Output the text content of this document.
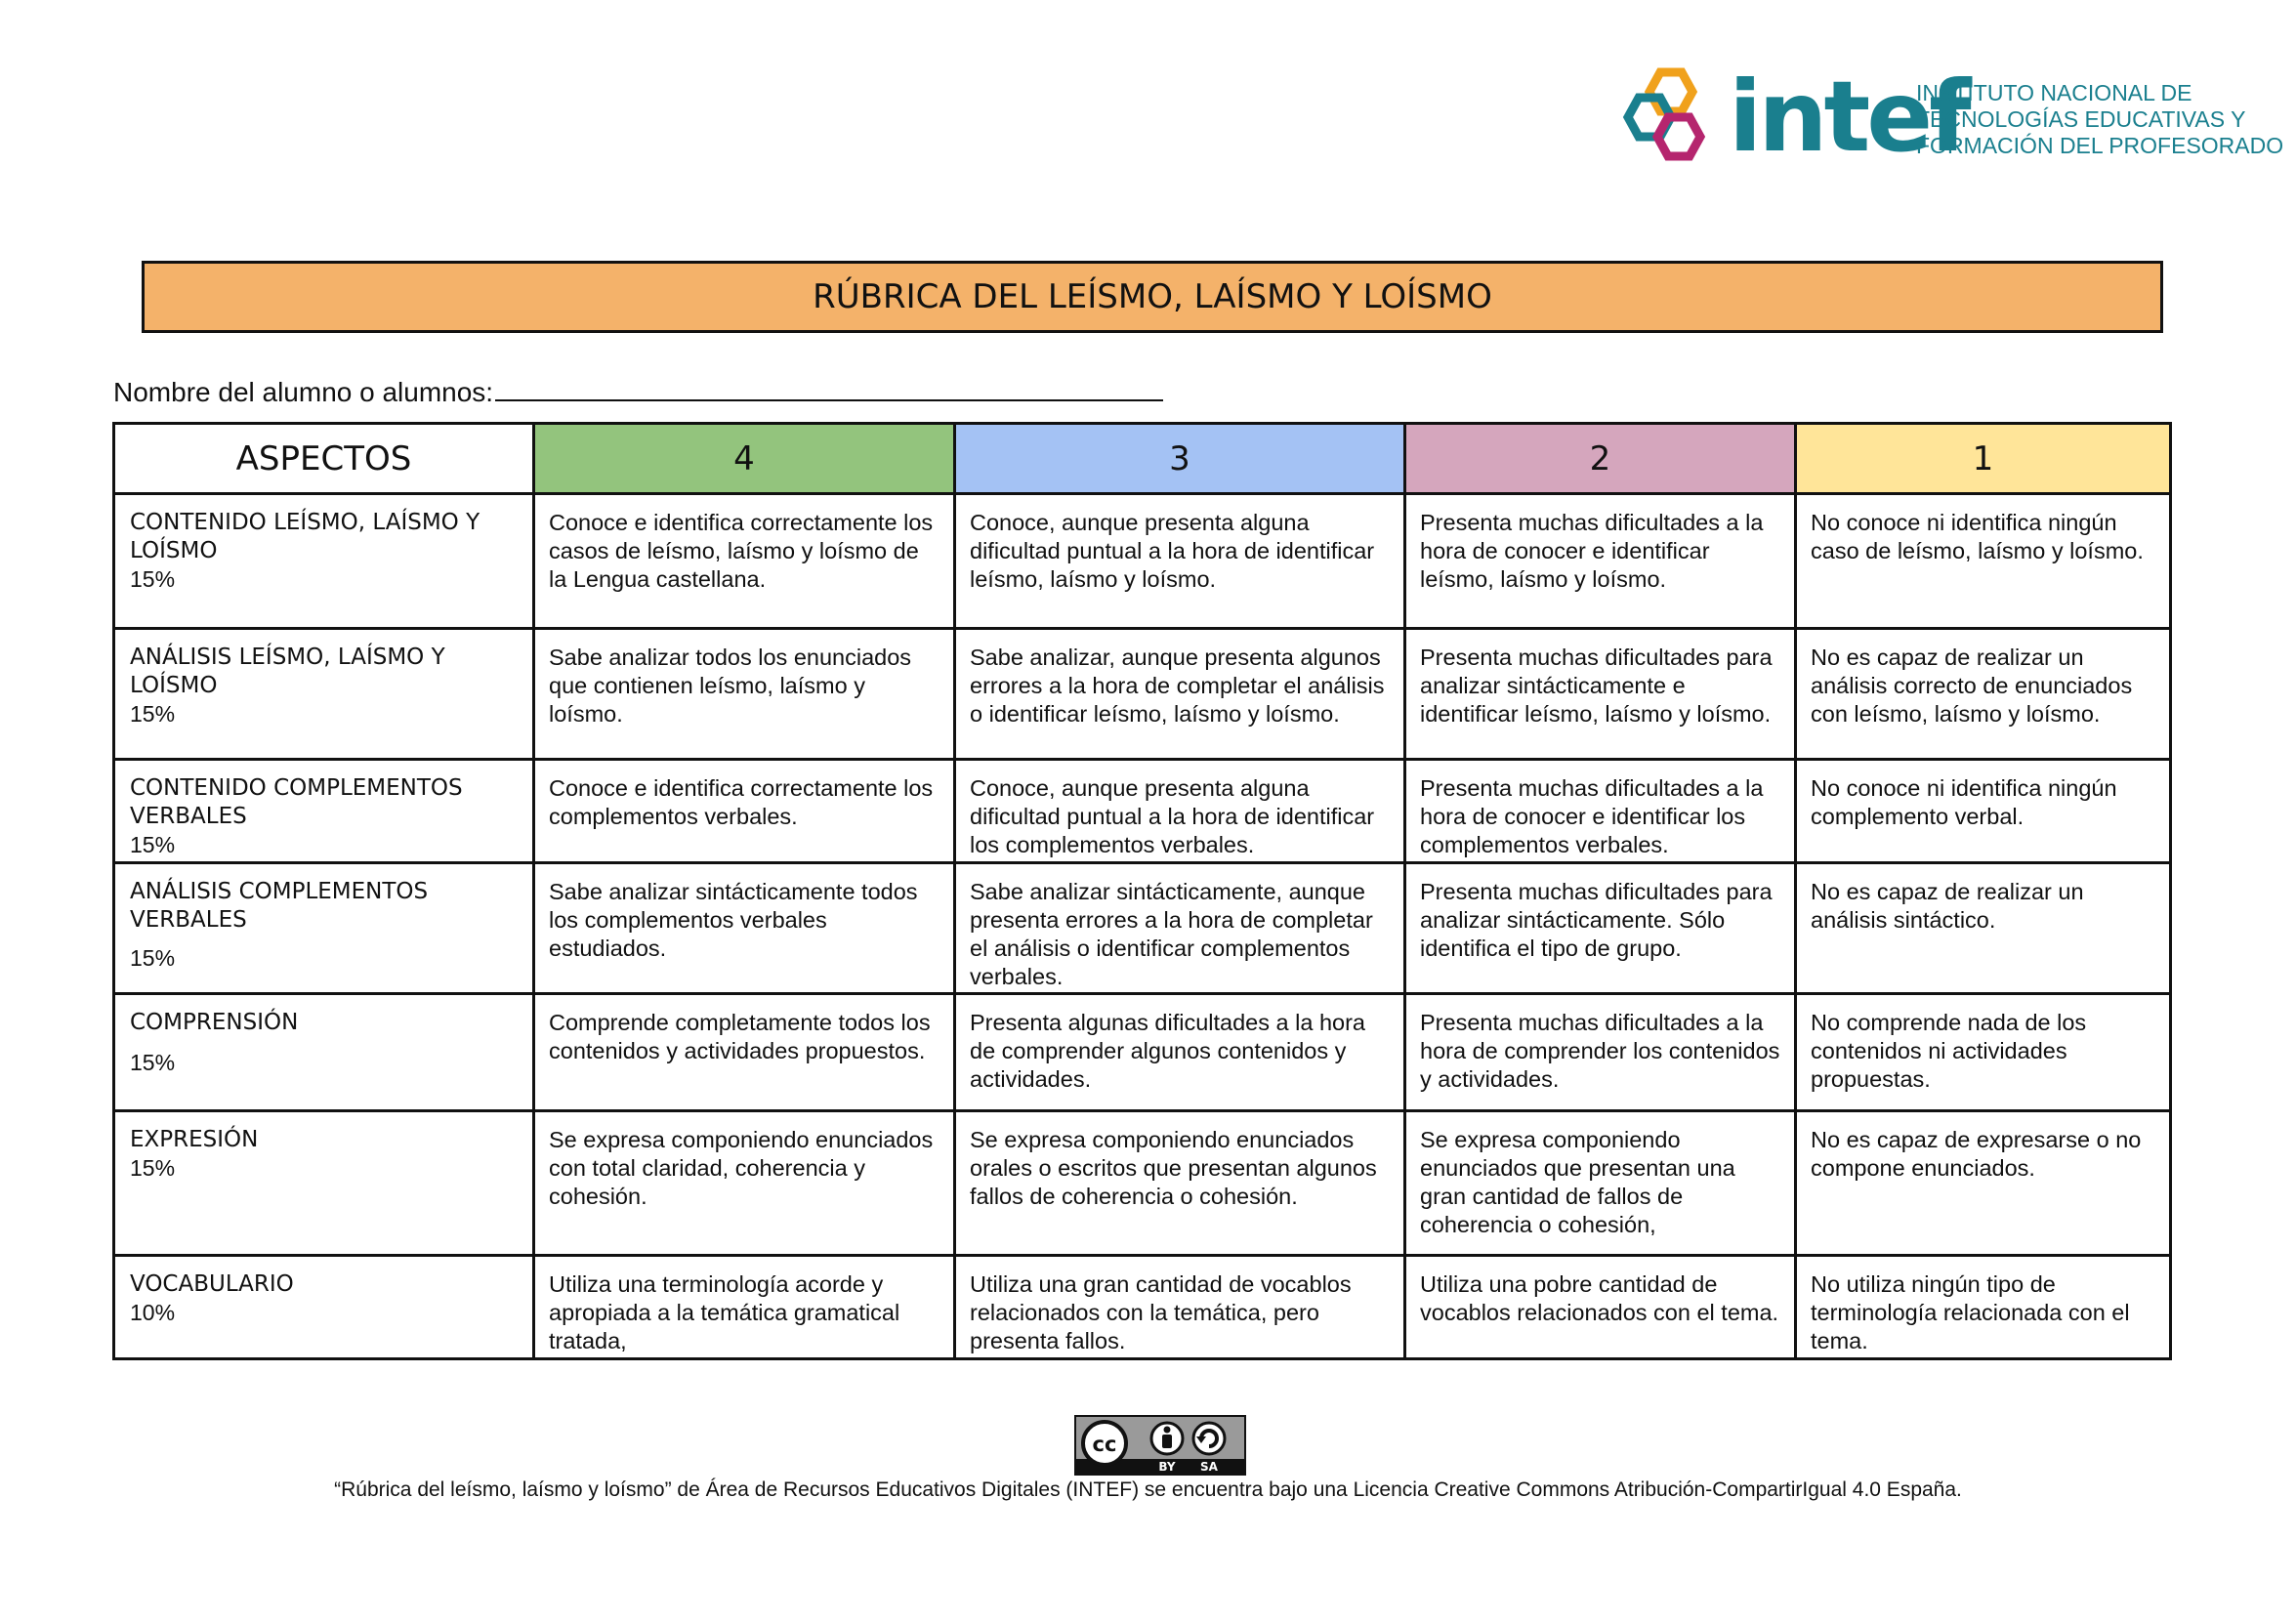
intef
INSTITUTO NACIONAL DE
TECNOLOGÍAS EDUCATIVAS Y
FORMACIÓN DEL PROFESORADO
RÚBRICA DEL LEÍSMO, LAÍSMO Y LOÍSMO
Nombre del alumno o alumnos:
ASPECTOS	4	3	2	1

CONTENIDO LEÍSMO, LAÍSMO Y LOÍSMO
15%	Conoce e identifica correctamente los casos de leísmo, laísmo y loísmo de la Lengua castellana.	Conoce, aunque presenta alguna dificultad puntual a la hora de identificar leísmo, laísmo y loísmo.	Presenta muchas dificultades a la hora de conocer e identificar leísmo, laísmo y loísmo.	No conoce ni identifica ningún caso de leísmo, laísmo y loísmo.

ANÁLISIS LEÍSMO, LAÍSMO Y LOÍSMO
15%	Sabe analizar todos los enunciados que contienen leísmo, laísmo y loísmo.	Sabe analizar, aunque presenta algunos errores a la hora de completar el análisis o identificar leísmo, laísmo y loísmo.	Presenta muchas dificultades para analizar sintácticamente e identificar leísmo, laísmo y loísmo.	No es capaz de realizar un análisis correcto de enunciados con leísmo, laísmo y loísmo.

CONTENIDO COMPLEMENTOS VERBALES
15%	Conoce e identifica correctamente los complementos verbales.	Conoce, aunque presenta alguna dificultad puntual a la hora de identificar los complementos verbales.	Presenta muchas dificultades a la hora de conocer e identificar los complementos verbales.	No conoce ni identifica ningún complemento verbal.

ANÁLISIS COMPLEMENTOS VERBALES
15%	Sabe analizar sintácticamente todos los complementos verbales estudiados.	Sabe analizar sintácticamente, aunque presenta errores a la hora de completar el análisis o identificar complementos verbales.	Presenta muchas dificultades para analizar sintácticamente. Sólo identifica el tipo de grupo.	No es capaz de realizar un análisis sintáctico.

COMPRENSIÓN
15%	Comprende completamente todos los contenidos y actividades propuestos.	Presenta algunas dificultades a la hora de comprender algunos contenidos y actividades.	Presenta muchas dificultades a la hora de comprender los contenidos y actividades.	No comprende nada de los contenidos ni actividades propuestas.

EXPRESIÓN
15%	Se expresa componiendo enunciados con total claridad, coherencia y cohesión.	Se expresa componiendo enunciados orales o escritos que presentan algunos fallos de coherencia o cohesión.	Se expresa componiendo enunciados que presentan una gran cantidad de fallos de coherencia o cohesión,	No es capaz de expresarse o no compone enunciados.

VOCABULARIO
10%	Utiliza una terminología acorde y apropiada a la temática gramatical tratada,	Utiliza una gran cantidad de vocablos relacionados con la temática, pero presenta fallos.	Utiliza una pobre cantidad de vocablos relacionados con el tema.	No utiliza ningún tipo de terminología relacionada con el tema.
cc
BY SA
“Rúbrica del leísmo, laísmo y loísmo” de Área de Recursos Educativos Digitales (INTEF) se encuentra bajo una Licencia Creative Commons Atribución-CompartirIgual 4.0 España.
